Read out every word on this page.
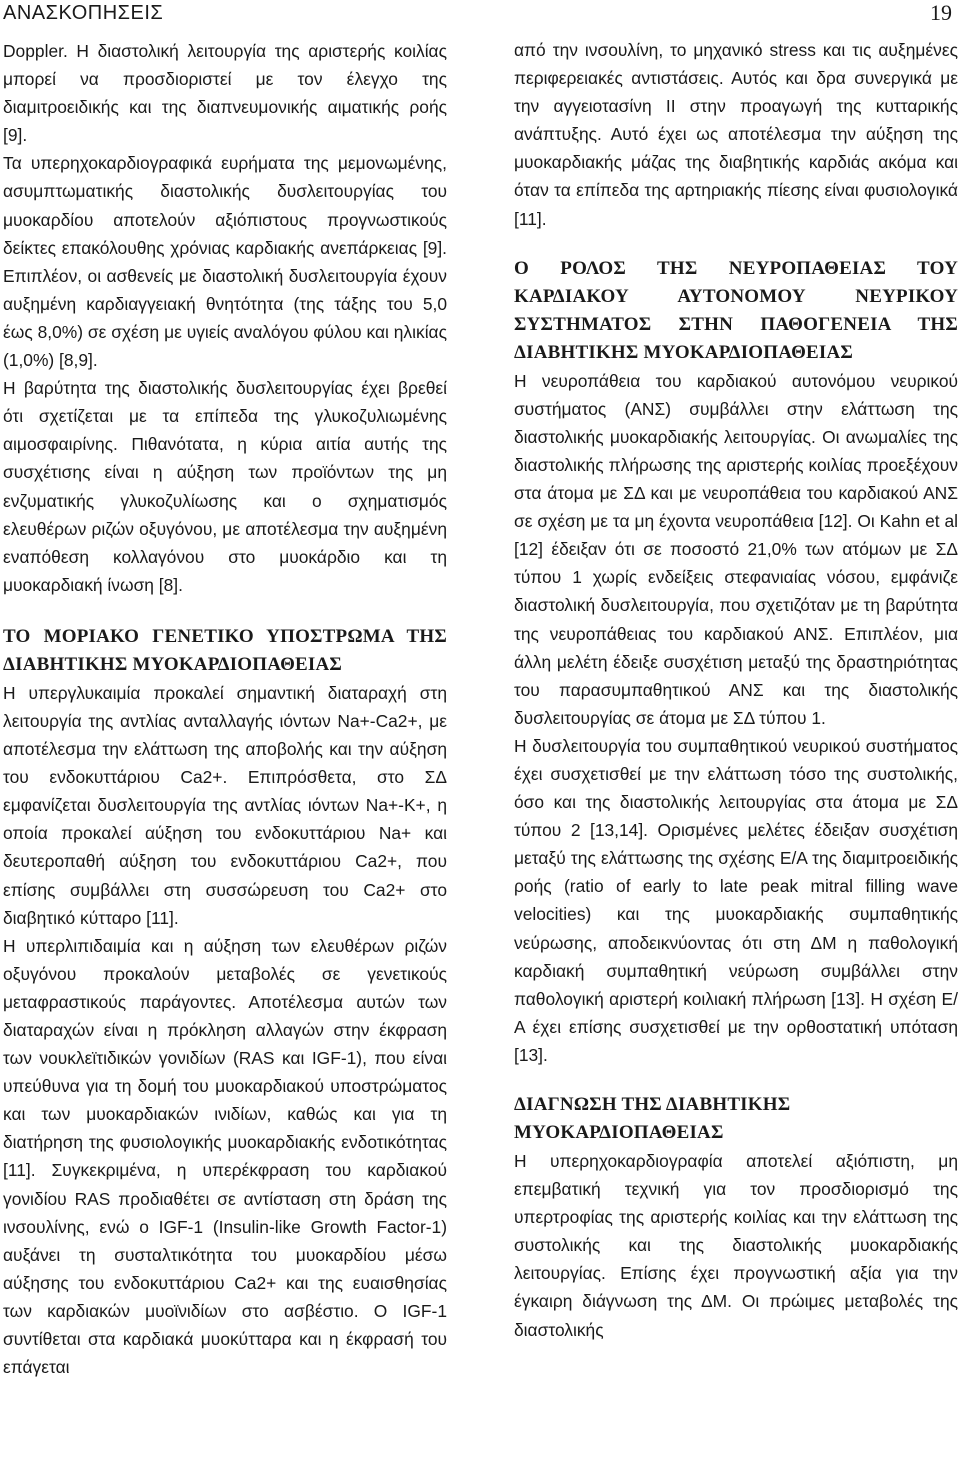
ΑΝΑΣΚΟΠΗΣΕΙΣ	19

Doppler. Η διαστολική λειτουργία της αριστερής κοιλίας μπορεί να προσδιοριστεί με τον έλεγχο της διαμιτροειδικής και της διαπνευμονικής αιματικής ροής [9].

Τα υπερηχοκαρδιογραφικά ευρήματα της μεμονωμένης, ασυμπτωματικής διαστολικής δυσλειτουργίας του μυοκαρδίου αποτελούν αξιόπιστους προγνωστικούς δείκτες επακόλουθης χρόνιας καρδιακής ανεπάρκειας [9]. Επιπλέον, οι ασθενείς με διαστολική δυσλειτουργία έχουν αυξημένη καρδιαγγειακή θνητότητα (της τάξης του 5,0 έως 8,0%) σε σχέση με υγιείς αναλόγου φύλου και ηλικίας (1,0%) [8,9].

Η βαρύτητα της διαστολικής δυσλειτουργίας έχει βρεθεί ότι σχετίζεται με τα επίπεδα της γλυκοζυλιωμένης αιμοσφαιρίνης. Πιθανότατα, η κύρια αιτία αυτής της συσχέτισης είναι η αύξηση των προϊόντων της μη ενζυματικής γλυκοζυλίωσης και ο σχηματισμός ελευθέρων ριζών οξυγόνου, με αποτέλεσμα την αυξημένη εναπόθεση κολλαγόνου στο μυοκάρδιο και τη μυοκαρδιακή ίνωση [8].

ΤΟ ΜΟΡΙΑΚΟ ΓΕΝΕΤΙΚΟ ΥΠΟΣΤΡΩΜΑ ΤΗΣ
ΔΙΑΒΗΤΙΚΗΣ ΜΥΟΚΑΡΔΙΟΠΑΘΕΙΑΣ

Η υπεργλυκαιμία προκαλεί σημαντική διαταραχή στη λειτουργία της αντλίας ανταλλαγής ιόντων Na+-Ca2+, με αποτέλεσμα την ελάττωση της αποβολής και την αύξηση του ενδοκυττάριου Ca2+. Επιπρόσθετα, στο ΣΔ εμφανίζεται δυσλειτουργία της αντλίας ιόντων Na+-K+, η οποία προκαλεί αύξηση του ενδοκυττάριου Na+ και δευτεροπαθή αύξηση του ενδοκυττάριου Ca2+, που επίσης συμβάλλει στη συσσώρευση του Ca2+ στο διαβητικό κύτταρο [11].

Η υπερλιπιδαιμία και η αύξηση των ελευθέρων ριζών οξυγόνου προκαλούν μεταβολές σε γενετικούς μεταφραστικούς παράγοντες. Αποτέλεσμα αυτών των διαταραχών είναι η πρόκληση αλλαγών στην έκφραση των νουκλεϊτιδικών γονιδίων (RAS και IGF-1), που είναι υπεύθυνα για τη δομή του μυοκαρδιακού υποστρώματος και των μυοκαρδιακών ινιδίων, καθώς και για τη διατήρηση της φυσιολογικής μυοκαρδιακής ενδοτικότητας [11]. Συγκεκριμένα, η υπερέκφραση του καρδιακού γονιδίου RAS προδιαθέτει σε αντίσταση στη δράση της ινσουλίνης, ενώ ο IGF-1 (Insulin-like Growth Factor-1) αυξάνει τη συσταλτικότητα του μυοκαρδίου μέσω αύξησης του ενδοκυττάριου Ca2+ και της ευαισθησίας των καρδιακών μυοϊνιδίων στο ασβέστιο. Ο IGF-1 συντίθεται στα καρδιακά μυοκύτταρα και η έκφρασή του επάγεται

από την ινσουλίνη, το μηχανικό stress και τις αυξημένες περιφερειακές αντιστάσεις. Αυτός και δρα συνεργικά με την αγγειοτασίνη ΙΙ στην προαγωγή της κυτταρικής ανάπτυξης. Αυτό έχει ως αποτέλεσμα την αύξηση της μυοκαρδιακής μάζας της διαβητικής καρδιάς ακόμα και όταν τα επίπεδα της αρτηριακής πίεσης είναι φυσιολογικά [11].

Ο ΡΟΛΟΣ ΤΗΣ ΝΕΥΡΟΠΑΘΕΙΑΣ ΤΟΥ
ΚΑΡΔΙΑΚΟΥ ΑΥΤΟΝΟΜΟΥ ΝΕΥΡΙΚΟΥ
ΣΥΣΤΗΜΑΤΟΣ ΣΤΗΝ ΠΑΘΟΓΕΝΕΙΑ ΤΗΣ
ΔΙΑΒΗΤΙΚΗΣ ΜΥΟΚΑΡΔΙΟΠΑΘΕΙΑΣ

Η νευροπάθεια του καρδιακού αυτονόμου νευρικού συστήματος (ΑΝΣ) συμβάλλει στην ελάττωση της διαστολικής μυοκαρδιακής λειτουργίας. Οι ανωμαλίες της διαστολικής πλήρωσης της αριστερής κοιλίας προεξέχουν στα άτομα με ΣΔ και με νευροπάθεια του καρδιακού ΑΝΣ σε σχέση με τα μη έχοντα νευροπάθεια [12]. Οι Kahn et al [12] έδειξαν ότι σε ποσοστό 21,0% των ατόμων με ΣΔ τύπου 1 χωρίς ενδείξεις στεφανιαίας νόσου, εμφάνιζε διαστολική δυσλειτουργία, που σχετιζόταν με τη βαρύτητα της νευροπάθειας του καρδιακού ΑΝΣ. Επιπλέον, μια άλλη μελέτη έδειξε συσχέτιση μεταξύ της δραστηριότητας του παρασυμπαθητικού ΑΝΣ και της διαστολικής δυσλειτουργίας σε άτομα με ΣΔ τύπου 1.

Η δυσλειτουργία του συμπαθητικού νευρικού συστήματος έχει συσχετισθεί με την ελάττωση τόσο της συστολικής, όσο και της διαστολικής λειτουργίας στα άτομα με ΣΔ τύπου 2 [13,14]. Ορισμένες μελέτες έδειξαν συσχέτιση μεταξύ της ελάττωσης της σχέσης Ε/Α της διαμιτροειδικής ροής (ratio of early to late peak mitral filling wave velocities) και της μυοκαρδιακής συμπαθητικής νεύρωσης, αποδεικνύοντας ότι στη ΔΜ η παθολογική καρδιακή συμπαθητική νεύρωση συμβάλλει στην παθολογική αριστερή κοιλιακή πλήρωση [13]. Η σχέση Ε/Α έχει επίσης συσχετισθεί με την ορθοστατική υπόταση [13].

ΔΙΑΓΝΩΣΗ ΤΗΣ ΔΙΑΒΗΤΙΚΗΣ
ΜΥΟΚΑΡΔΙΟΠΑΘΕΙΑΣ

Η υπερηχοκαρδιογραφία αποτελεί αξιόπιστη, μη επεμβατική τεχνική για τον προσδιορισμό της υπερτροφίας της αριστερής κοιλίας και την ελάττωση της συστολικής και της διαστολικής μυοκαρδιακής λειτουργίας. Επίσης έχει προγνωστική αξία για την έγκαιρη διάγνωση της ΔΜ. Οι πρώιμες μεταβολές της διαστολικής
